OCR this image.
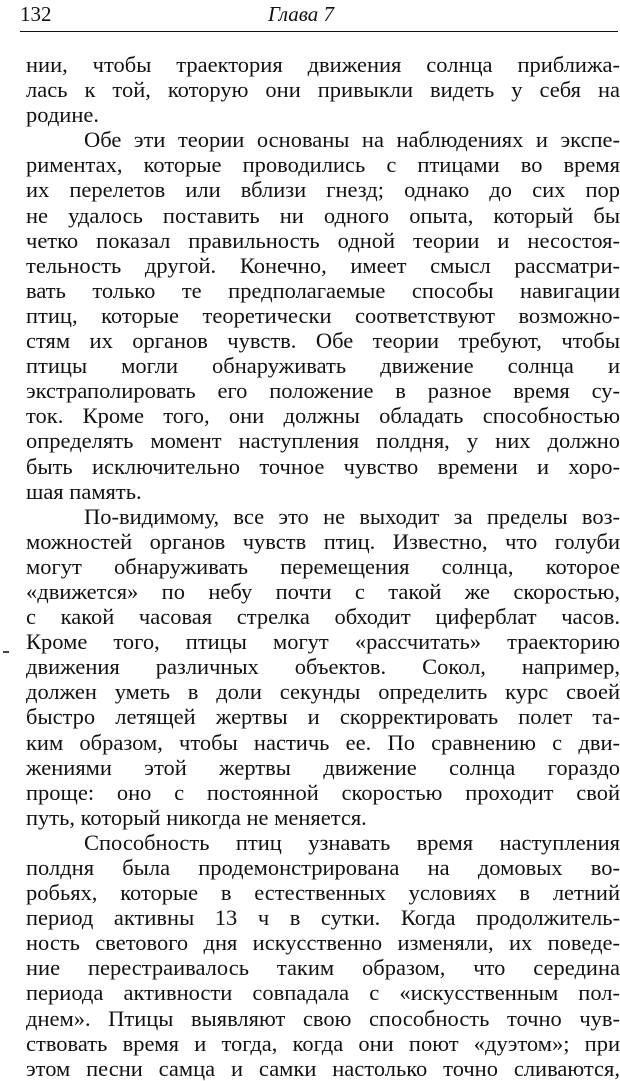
132	Глава 7
нии, чтобы траектория движения солнца приближа-
лась к той, которую они привыкли видеть у себя на
родине.
Обе эти теории основаны на наблюдениях и экспе-
риментах, которые проводились с птицами во время
их перелетов или вблизи гнезд; однако до сих пор
не удалось поставить ни одного опыта, который бы
четко показал правильность одной теории и несостоя-
тельность другой. Конечно, имеет смысл рассматри-
вать только те предполагаемые способы навигации
птиц, которые теоретически соответствуют возможно-
стям их органов чувств. Обе теории требуют, чтобы
птицы могли обнаруживать движение солнца и
экстраполировать его положение в разное время су-
ток. Кроме того, они должны обладать способностью
определять момент наступления полдня, у них должно
быть исключительно точное чувство времени и хоро-
шая память.
По-видимому, все это не выходит за пределы воз-
можностей органов чувств птиц. Известно, что голуби
могут обнаруживать перемещения солнца, которое
«движется» по небу почти с такой же скоростью,
с какой часовая стрелка обходит циферблат часов.
Кроме того, птицы могут «рассчитать» траекторию
движения различных объектов. Сокол, например,
должен уметь в доли секунды определить курс своей
быстро летящей жертвы и скорректировать полет та-
ким образом, чтобы настичь ее. По сравнению с дви-
жениями этой жертвы движение солнца гораздо
проще: оно с постоянной скоростью проходит свой
путь, который никогда не меняется.
Способность птиц узнавать время наступления
полдня была продемонстрирована на домовых во-
робьях, которые в естественных условиях в летний
период активны 13 ч в сутки. Когда продолжитель-
ность светового дня искусственно изменяли, их поведе-
ние перестраивалось таким образом, что середина
периода активности совпадала с «искусственным пол-
днем». Птицы выявляют свою способность точно чув-
ствовать время и тогда, когда они поют «дуэтом»; при
этом песни самца и самки настолько точно сливаются,
